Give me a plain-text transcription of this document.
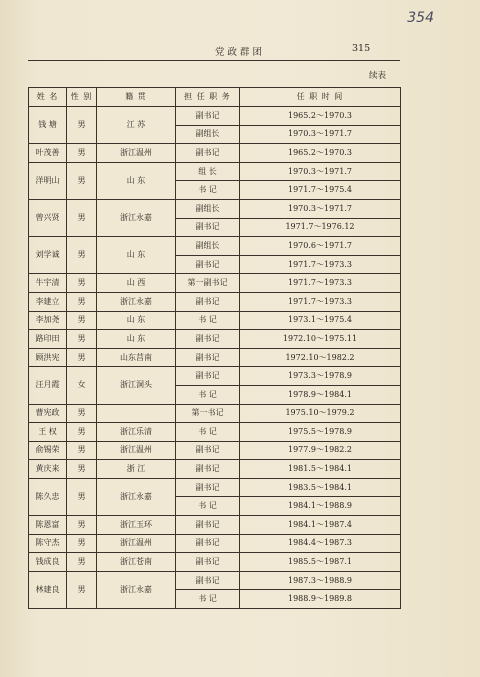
354
党政群团	315
续表
姓 名	性 别	籍 贯	担 任 职 务	任 职 时 间
钱 塘	男	江 苏	副书记	1965.2～1970.3
			副组长	1970.3～1971.7
叶茂善	男	浙江温州	副书记	1965.2～1970.3
洋明山	男	山 东	组 长	1970.3～1971.7
			书 记	1971.7～1975.4
曾兴贤	男	浙江永嘉	副组长	1970.3～1971.7
			副书记	1971.7～1976.12
刘学诚	男	山 东	副组长	1970.6～1971.7
			副书记	1971.7～1973.3
牛宇清	男	山 西	第一副书记	1971.7～1973.3
李建立	男	浙江永嘉	副书记	1971.7～1973.3
李加尧	男	山 东	书 记	1973.1～1975.4
路印田	男	山 东	副书记	1972.10～1975.11
顾洪宪	男	山东莒南	副书记	1972.10～1982.2
汪月霞	女	浙江洞头	副书记	1973.3～1978.9
			书 记	1978.9～1984.1
曹宪政	男		第一书记	1975.10～1979.2
王 权	男	浙江乐清	书 记	1975.5～1978.9
俞锡荣	男	浙江温州	副书记	1977.9～1982.2
黄庆来	男	浙 江	副书记	1981.5～1984.1
陈久忠	男	浙江永嘉	副书记	1983.5～1984.1
			书 记	1984.1～1988.9
陈恩富	男	浙江玉环	副书记	1984.1～1987.4
陈守杰	男	浙江温州	副书记	1984.4～1987.3
钱成良	男	浙江苍南	副书记	1985.5～1987.1
林建良	男	浙江永嘉	副书记	1987.3～1988.9
			书 记	1988.9～1989.8
